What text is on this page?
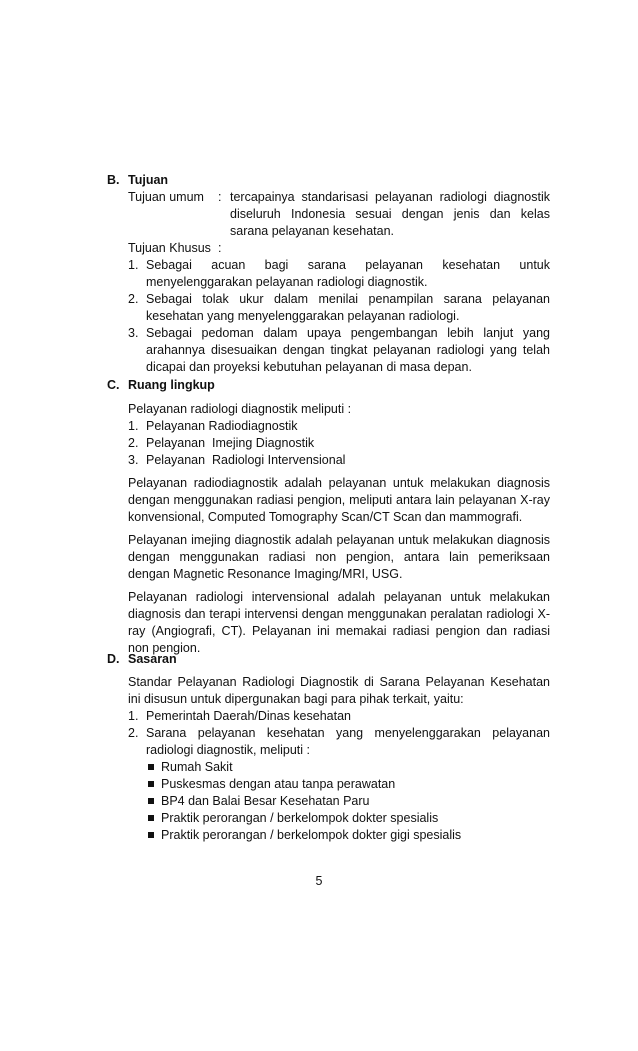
B. Tujuan
Tujuan umum	: tercapainya standarisasi pelayanan radiologi diagnostik diseluruh Indonesia sesuai dengan jenis dan kelas sarana pelayanan kesehatan.
Tujuan Khusus :
1. Sebagai acuan bagi sarana pelayanan kesehatan untuk menyelenggarakan pelayanan radiologi diagnostik.
2. Sebagai tolak ukur dalam menilai penampilan sarana pelayanan kesehatan yang menyelenggarakan pelayanan radiologi.
3. Sebagai pedoman dalam upaya pengembangan lebih lanjut yang arahannya disesuaikan dengan tingkat pelayanan radiologi yang telah dicapai dan proyeksi kebutuhan pelayanan di masa depan.
C. Ruang lingkup
Pelayanan radiologi diagnostik meliputi :
1. Pelayanan Radiodiagnostik
2. Pelayanan  Imejing Diagnostik
3. Pelayanan  Radiologi Intervensional
Pelayanan radiodiagnostik adalah pelayanan untuk melakukan diagnosis dengan menggunakan radiasi pengion, meliputi antara lain pelayanan X-ray konvensional, Computed Tomography Scan/CT Scan dan mammografi.
Pelayanan imejing diagnostik adalah pelayanan untuk melakukan diagnosis dengan menggunakan radiasi non pengion, antara lain pemeriksaan dengan Magnetic Resonance Imaging/MRI, USG.
Pelayanan radiologi intervensional adalah pelayanan untuk melakukan diagnosis dan terapi intervensi dengan menggunakan peralatan radiologi X-ray (Angiografi, CT). Pelayanan ini memakai radiasi pengion dan radiasi non pengion.
D. Sasaran
Standar Pelayanan Radiologi Diagnostik di Sarana Pelayanan Kesehatan ini disusun untuk dipergunakan bagi para pihak terkait, yaitu:
1. Pemerintah Daerah/Dinas kesehatan
2. Sarana pelayanan kesehatan yang menyelenggarakan pelayanan radiologi diagnostik, meliputi :
Rumah Sakit
Puskesmas dengan atau tanpa perawatan
BP4 dan Balai Besar Kesehatan Paru
Praktik perorangan / berkelompok dokter spesialis
Praktik perorangan / berkelompok dokter gigi spesialis
5
